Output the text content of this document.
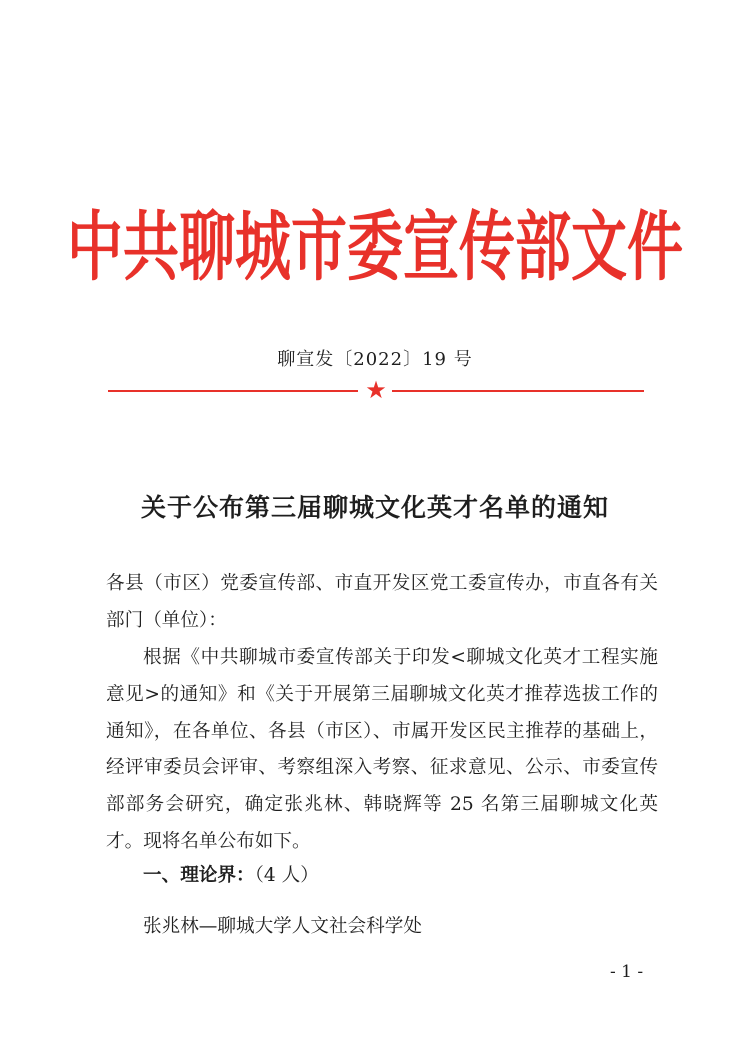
中共聊城市委宣传部文件
聊宣发〔2022〕19 号
★
关于公布第三届聊城文化英才名单的通知
各县（市区）党委宣传部、市直开发区党工委宣传办，市直各有关部门（单位）：
根据《中共聊城市委宣传部关于印发<聊城文化英才工程实施意见>的通知》和《关于开展第三届聊城文化英才推荐选拔工作的通知》，在各单位、各县（市区）、市属开发区民主推荐的基础上，经评审委员会评审、考察组深入考察、征求意见、公示、市委宣传部部务会研究，确定张兆林、韩晓辉等 25 名第三届聊城文化英才。现将名单公布如下。
一、理论界：（4 人）
张兆林—聊城大学人文社会科学处
- 1 -
